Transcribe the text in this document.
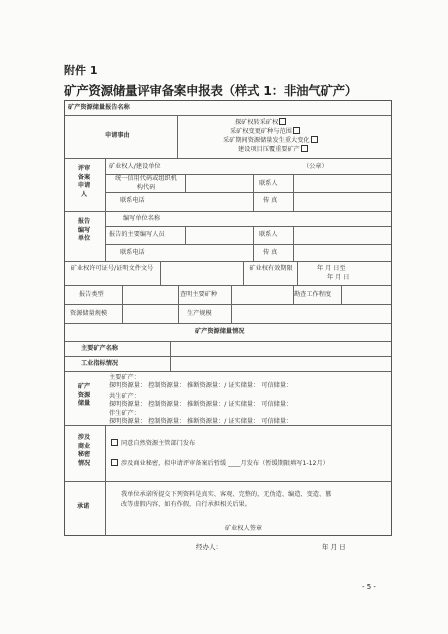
附件 1
矿产资源储量评审备案申报表（样式 1：非油气矿产）
矿产资源储量报告名称
申请事由
探矿权转采矿权
采矿权变更矿种与范围
采矿期间资源储量发生重大变化
建设项目压覆重要矿产
评审备案申请人
矿业权人/建设单位	（公章）
统一信用代码或组织机构代码	联系人
联系电话	传 真
报告编写单位
编写单位名称
报告的主要编写人员	联系人
联系电话	传 真
矿业权许可证号/证明文件文号	矿业权有效期限	年 月 日至
年 月 日
报告类型	查明主要矿种	勘查工作程度
资源储量规模	生产规模
矿产资源储量情况
主要矿产名称
工业指标情况
矿产资源储量
主要矿产：
探明资源量： 控制资源量： 推断资源量：/ 证实储量： 可信储量：
共生矿产：
探明资源量： 控制资源量： 推断资源量：/ 证实储量： 可信储量：
伴生矿产：
探明资源量： 控制资源量： 推断资源量：/ 证实储量： 可信储量：
涉及商业秘密情况
同意自然资源主管部门发布
涉及商业秘密，拟申请评审备案后暂缓 ____月发布（暂缓期限填写1-12月）
承诺
我单位承诺所提交下列资料是真实、客观、完整的，无伪造、编造、变造、篡
改等虚假内容，如有作假，自行承担相关后果。
矿业权人签章
经办人：	年 月 日
- 5 -
